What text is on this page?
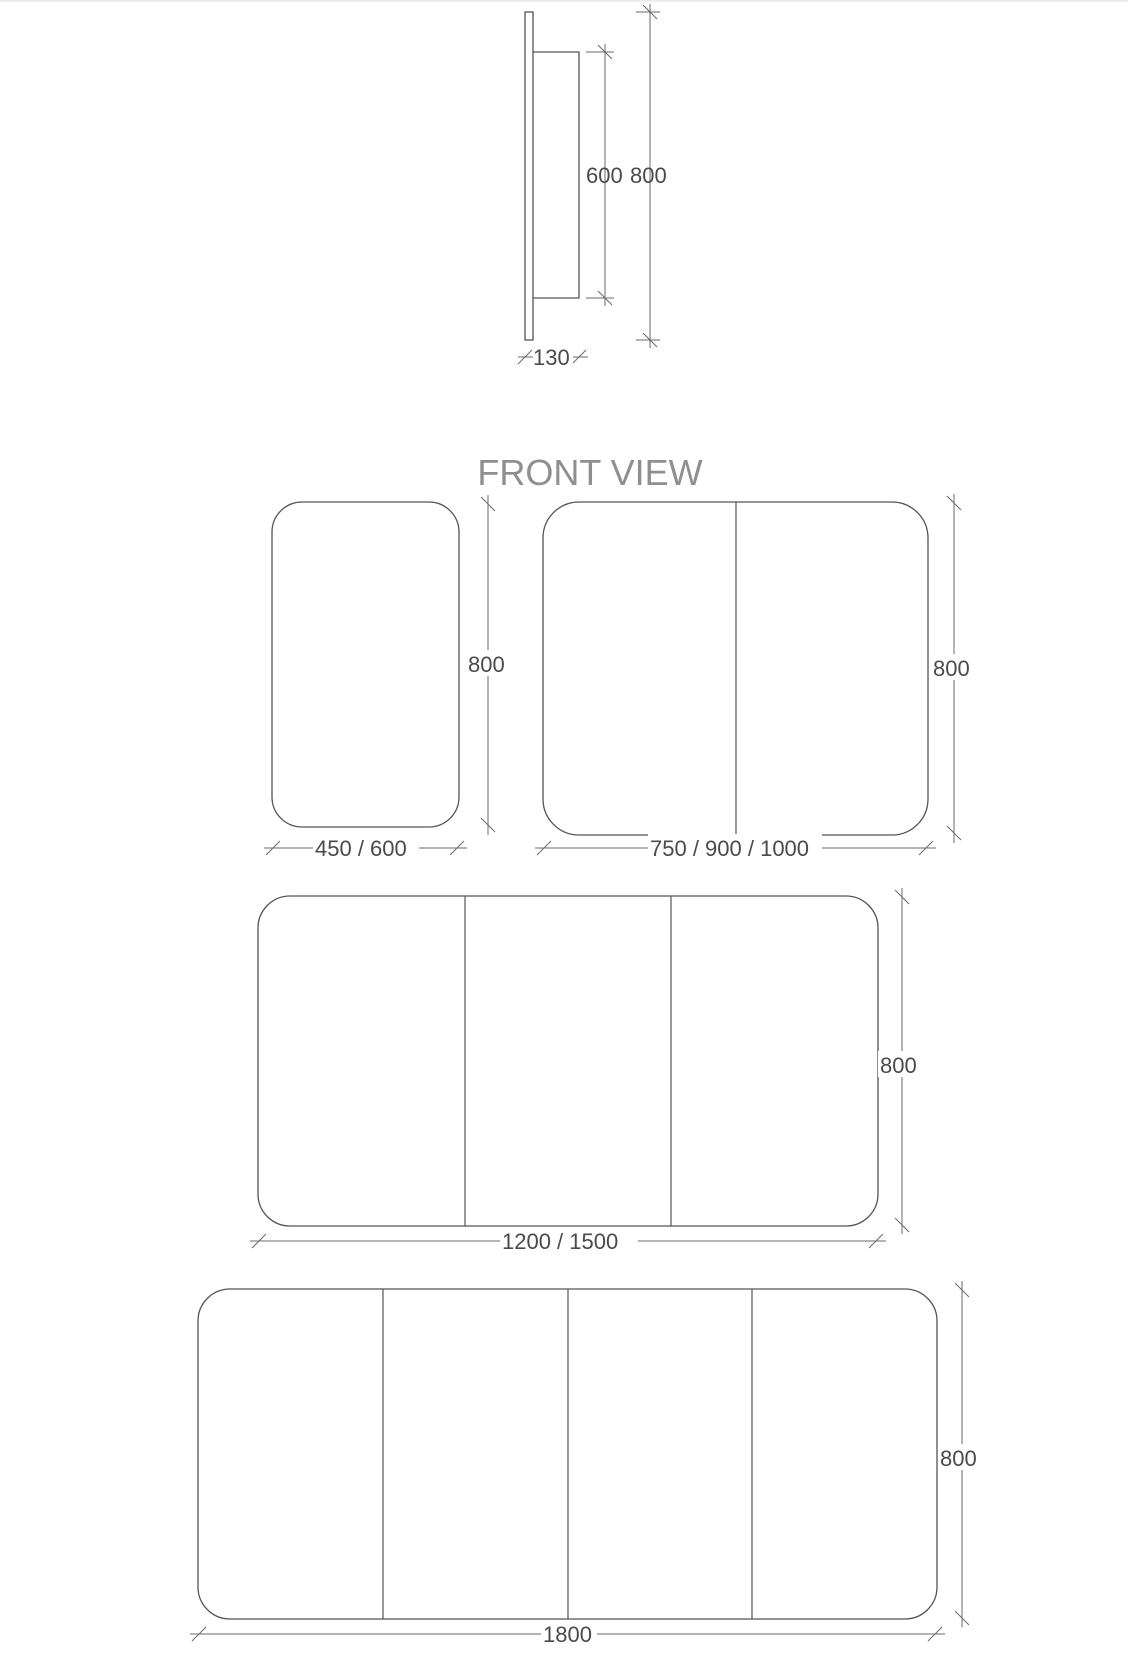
600 800
130
FRONT VIEW
800
450 / 600
800
750 / 900 / 1000
800
1200 / 1500
800
1800
